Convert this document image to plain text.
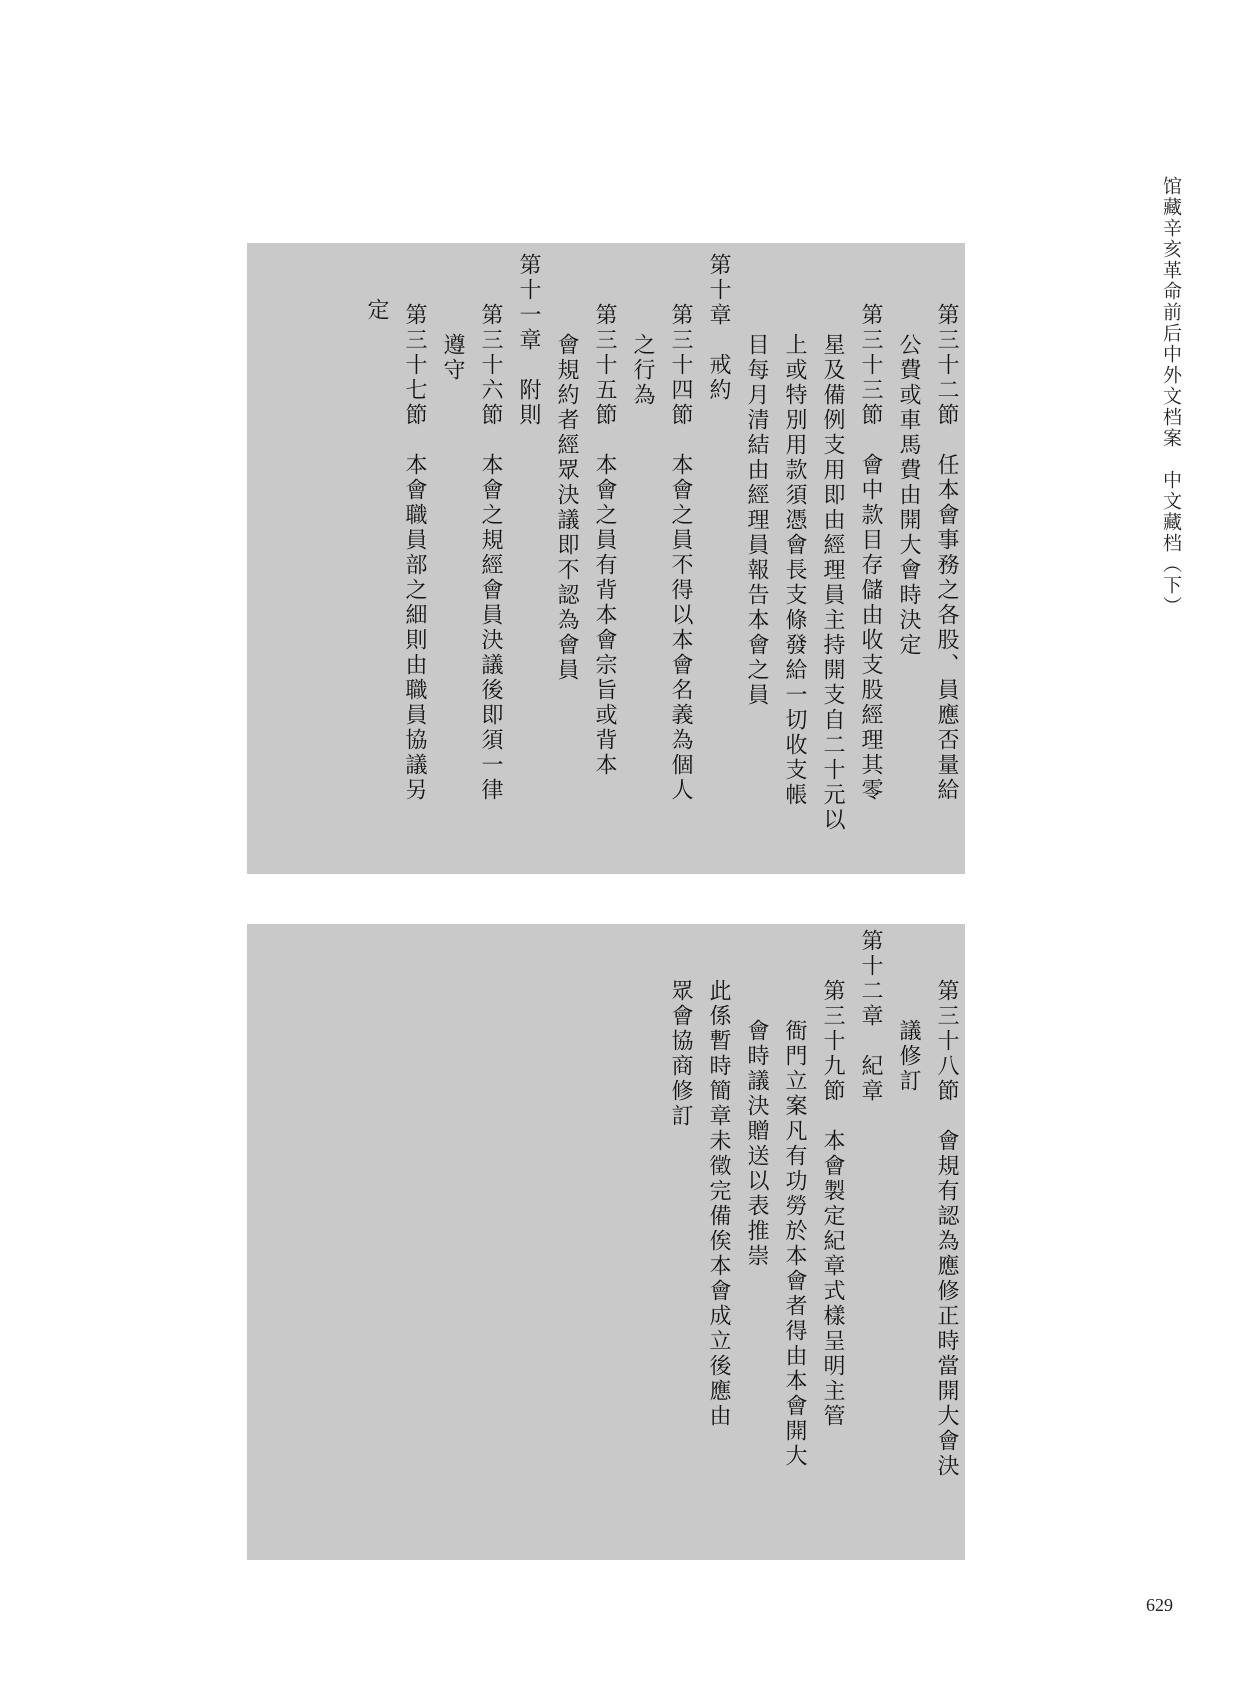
馆藏辛亥革命前后中外文档案　中文藏档（下）
第三十二節　任本會事務之各股、員應否量給
公費或車馬費由開大會時決定
第三十三節　會中款目存儲由收支股經理其零
星及備例支用即由經理員主持開支自二十元以
上或特別用款須憑會長支條發給一切收支帳
目每月清結由經理員報告本會之員
第十章　戒約
第三十四節　本會之員不得以本會名義為個人
之行為
第三十五節　本會之員有背本會宗旨或背本
會規約者經眾決議即不認為會員
第十一章　附則
第三十六節　本會之規經會員決議後即須一律
遵守
第三十七節　本會職員部之細則由職員協議另
定
第三十八節　會規有認為應修正時當開大會決
議修訂
第十二章　紀章
第三十九節　本會製定紀章式樣呈明主管
衙門立案凡有功勞於本會者得由本會開大
會時議決贈送以表推崇
此係暫時簡章未徵完備俟本會成立後應由
眾會協商修訂
629
